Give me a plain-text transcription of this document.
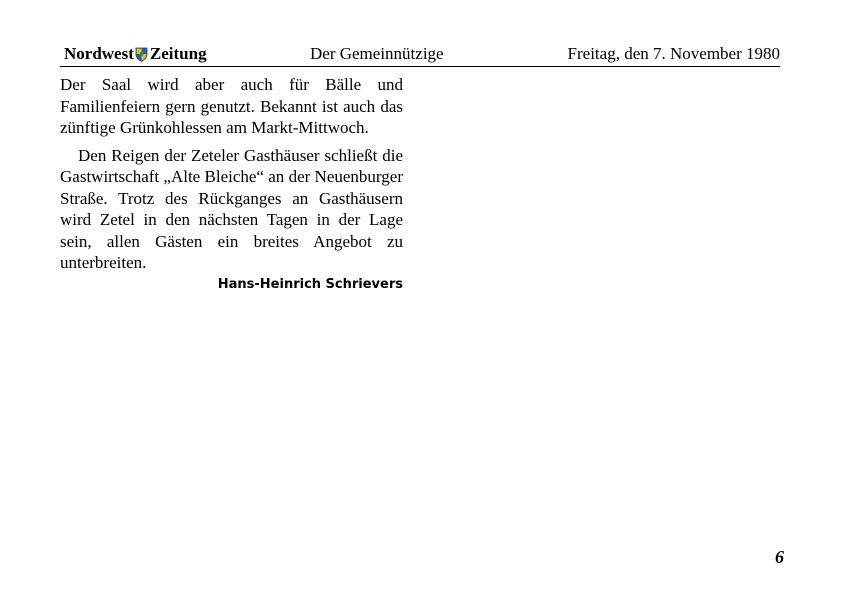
Nordwest Zeitung	Der Gemeinnützige	Freitag, den 7. November 1980

Der Saal wird aber auch für Bälle und Familienfeiern gern genutzt. Bekannt ist auch das zünftige Grünkohlessen am Markt-Mittwoch.

Den Reigen der Zeteler Gasthäuser schließt die Gastwirtschaft „Alte Bleiche“ an der Neuenburger Straße. Trotz des Rückganges an Gasthäusern wird Zetel in den nächsten Tagen in der Lage sein, allen Gästen ein breites Angebot zu unterbreiten.

Hans-Heinrich Schrievers
6
